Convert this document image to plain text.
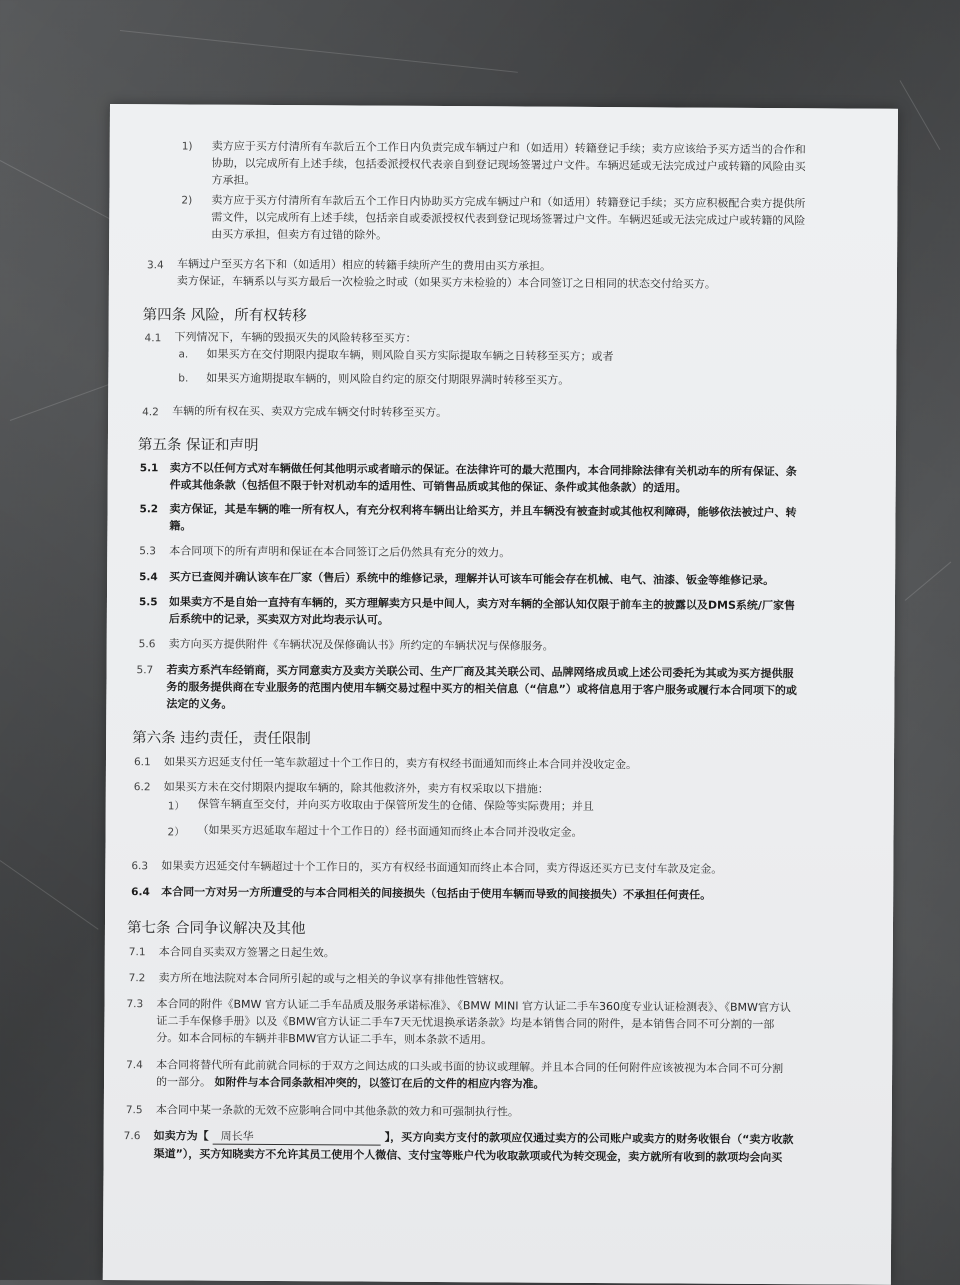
1) 卖方应于买方付清所有车款后五个工作日内负责完成车辆过户和（如适用）转籍登记手续；卖方应该给予买方适当的合作和
协助，以完成所有上述手续，包括委派授权代表亲自到登记现场签署过户文件。车辆迟延或无法完成过户或转籍的风险由买
方承担。
2) 卖方应于买方付清所有车款后五个工作日内协助买方完成车辆过户和（如适用）转籍登记手续；买方应积极配合卖方提供所
需文件，以完成所有上述手续，包括亲自或委派授权代表到登记现场签署过户文件。车辆迟延或无法完成过户或转籍的风险
由买方承担，但卖方有过错的除外。
3.4 车辆过户至买方名下和（如适用）相应的转籍手续所产生的费用由买方承担。
卖方保证，车辆系以与买方最后一次检验之时或（如果买方未检验的）本合同签订之日相同的状态交付给买方。
第四条 风险，所有权转移
4.1 下列情况下，车辆的毁损灭失的风险转移至买方：
a. 如果买方在交付期限内提取车辆，则风险自买方实际提取车辆之日转移至买方；或者
b. 如果买方逾期提取车辆的，则风险自约定的原交付期限界满时转移至买方。
4.2 车辆的所有权在买、卖双方完成车辆交付时转移至买方。
第五条 保证和声明
5.1 卖方不以任何方式对车辆做任何其他明示或者暗示的保证。在法律许可的最大范围内，本合同排除法律有关机动车的所有保证、条
件或其他条款（包括但不限于针对机动车的适用性、可销售品质或其他的保证、条件或其他条款）的适用。
5.2 卖方保证，其是车辆的唯一所有权人，有充分权利将车辆出让给买方，并且车辆没有被查封或其他权利障碍，能够依法被过户、转
籍。
5.3 本合同项下的所有声明和保证在本合同签订之后仍然具有充分的效力。
5.4 买方已查阅并确认该车在厂家（售后）系统中的维修记录，理解并认可该车可能会存在机械、电气、油漆、钣金等维修记录。
5.5 如果卖方不是自始一直持有车辆的，买方理解卖方只是中间人，卖方对车辆的全部认知仅限于前车主的披露以及DMS系统/厂家售
后系统中的记录，买卖双方对此均表示认可。
5.6 卖方向买方提供附件《车辆状况及保修确认书》所约定的车辆状况与保修服务。
5.7 若卖方系汽车经销商，买方同意卖方及卖方关联公司、生产厂商及其关联公司、品牌网络成员或上述公司委托为其或为买方提供服
务的服务提供商在专业服务的范围内使用车辆交易过程中买方的相关信息（“信息”）或将信息用于客户服务或履行本合同项下的或
法定的义务。
第六条 违约责任，责任限制
6.1 如果买方迟延支付任一笔车款超过十个工作日的，卖方有权经书面通知而终止本合同并没收定金。
6.2 如果买方未在交付期限内提取车辆的，除其他救济外，卖方有权采取以下措施：
1） 保管车辆直至交付，并向买方收取由于保管所发生的仓储、保险等实际费用；并且
2） （如果买方迟延取车超过十个工作日的）经书面通知而终止本合同并没收定金。
6.3 如果卖方迟延交付车辆超过十个工作日的，买方有权经书面通知而终止本合同，卖方得返还买方已支付车款及定金。
6.4 本合同一方对另一方所遭受的与本合同相关的间接损失（包括由于使用车辆而导致的间接损失）不承担任何责任。
第七条 合同争议解决及其他
7.1 本合同自买卖双方签署之日起生效。
7.2 卖方所在地法院对本合同所引起的或与之相关的争议享有排他性管辖权。
7.3 本合同的附件《BMW 官方认证二手车品质及服务承诺标准》、《BMW MINI 官方认证二手车360度专业认证检测表》、《BMW官方认
证二手车保修手册》以及《BMW官方认证二手车7天无忧退换承诺条款》均是本销售合同的附件，是本销售合同不可分割的一部
分。如本合同标的车辆并非BMW官方认证二手车，则本条款不适用。
7.4 本合同将替代所有此前就合同标的于双方之间达成的口头或书面的协议或理解。并且本合同的任何附件应该被视为本合同不可分割
的一部分。 如附件与本合同条款相冲突的，以签订在后的文件的相应内容为准。
7.5 本合同中某一条款的无效不应影响合同中其他条款的效力和可强制执行性。
7.6 如卖方为【 周长华	】，买方向卖方支付的款项应仅通过卖方的公司账户或卖方的财务收银台（“卖方收款
渠道”），买方知晓卖方不允许其员工使用个人微信、支付宝等账户代为收取款项或代为转交现金，卖方就所有收到的款项均会向买
